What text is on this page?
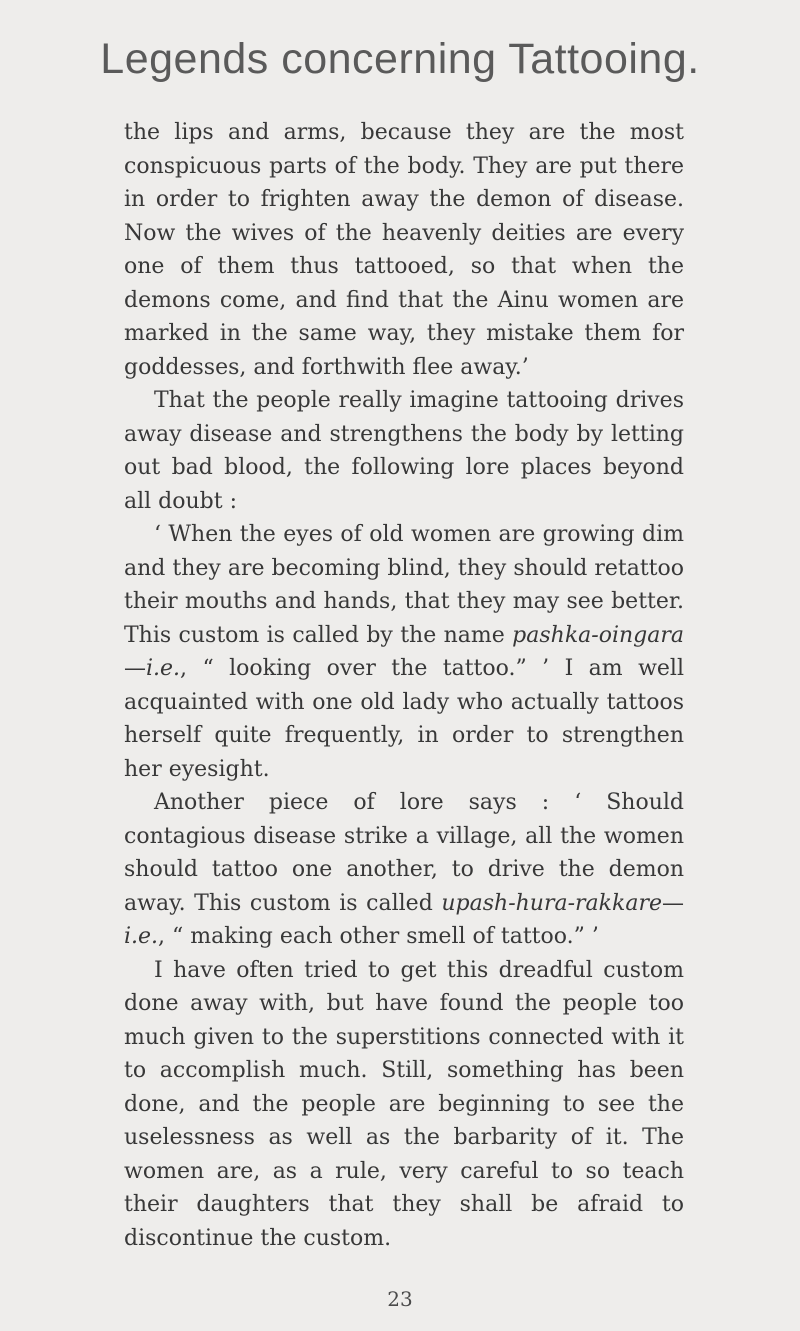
Legends concerning Tattooing.

the lips and arms, because they are the most conspicuous parts of the body. They are put there in order to frighten away the demon of disease. Now the wives of the heavenly deities are every one of them thus tattooed, so that when the demons come, and find that the Ainu women are marked in the same way, they mistake them for goddesses, and forthwith flee away.’

That the people really imagine tattooing drives away disease and strengthens the body by letting out bad blood, the following lore places beyond all doubt :

‘ When the eyes of old women are growing dim and they are becoming blind, they should retattoo their mouths and hands, that they may see better. This custom is called by the name pashka-oingara —i.e., “ looking over the tattoo.” ’ I am well acquainted with one old lady who actually tattoos herself quite frequently, in order to strengthen her eyesight.

Another piece of lore says : ‘ Should contagious disease strike a village, all the women should tattoo one another, to drive the demon away. This custom is called upash-hura-rakkare—i.e., “ making each other smell of tattoo.” ’

I have often tried to get this dreadful custom done away with, but have found the people too much given to the superstitions connected with it to accomplish much. Still, something has been done, and the people are beginning to see the uselessness as well as the barbarity of it. The women are, as a rule, very careful to so teach their daughters that they shall be afraid to discontinue the custom.

23
